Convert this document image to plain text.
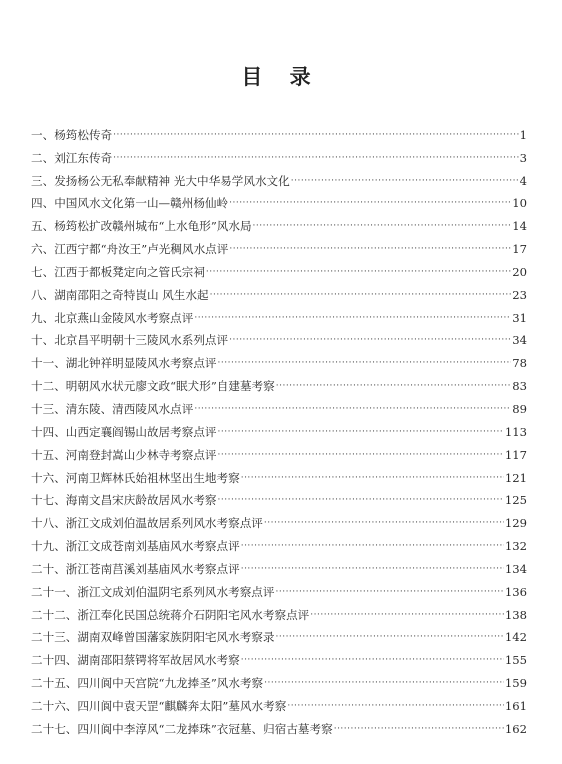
目 录
一、杨筠松传奇 ·····	1
二、刘江东传奇 ·····	3
三、发扬杨公无私奉献精神 光大中华易学风水文化 ·····	4
四、中国风水文化第一山—赣州杨仙岭 ·····	10
五、杨筠松扩改赣州城布“上水龟形”风水局 ·····	14
六、江西宁都“舟汝王”卢光稠风水点评 ·····	17
七、江西于都板凳定向之管氏宗祠 ·····	20
八、湖南邵阳之奇特崀山 风生水起 ·····	23
九、北京燕山金陵风水考察点评 ·····	31
十、北京昌平明朝十三陵风水系列点评 ·····	34
十一、湖北钟祥明显陵风水考察点评 ·····	78
十二、明朝风水状元廖文政“眠犬形”自建墓考察 ·····	83
十三、清东陵、清西陵风水点评 ·····	89
十四、山西定襄阎锡山故居考察点评 ·····	113
十五、河南登封嵩山少林寺考察点评 ·····	117
十六、河南卫辉林氏始祖林坚出生地考察 ·····	121
十七、海南文昌宋庆龄故居风水考察 ·····	125
十八、浙江文成刘伯温故居系列风水考察点评 ·····	129
十九、浙江文成苍南刘基庙风水考察点评 ·····	132
二十、浙江苍南莒溪刘基庙风水考察点评 ·····	134
二十一、浙江文成刘伯温阴宅系列风水考察点评 ·····	136
二十二、浙江奉化民国总统蒋介石阴阳宅风水考察点评 ·····	138
二十三、湖南双峰曾国藩家族阴阳宅风水考察录 ·····	142
二十四、湖南邵阳蔡锷将军故居风水考察 ·····	155
二十五、四川阆中天宫院“九龙捧圣”风水考察 ·····	159
二十六、四川阆中袁天罡“麒麟奔太阳”墓风水考察 ·····	161
二十七、四川阆中李淳风“二龙捧珠”衣冠墓、归宿古墓考察 ·····	162
